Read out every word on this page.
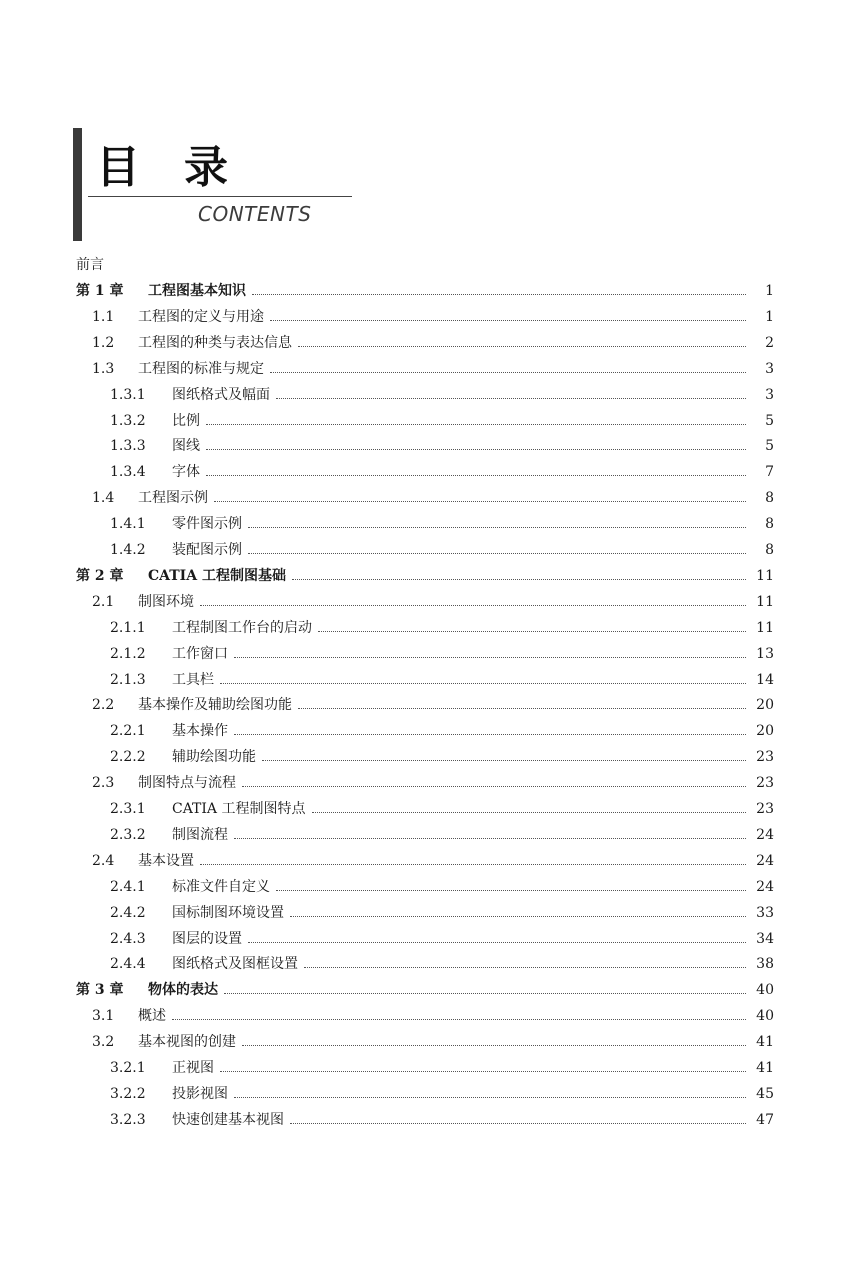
目录
CONTENTS
前言
第 1 章 工程图基本知识	1
1.1 工程图的定义与用途	1
1.2 工程图的种类与表达信息	2
1.3 工程图的标准与规定	3
1.3.1 图纸格式及幅面	3
1.3.2 比例	5
1.3.3 图线	5
1.3.4 字体	7
1.4 工程图示例	8
1.4.1 零件图示例	8
1.4.2 装配图示例	8
第 2 章 CATIA 工程制图基础	11
2.1 制图环境	11
2.1.1 工程制图工作台的启动	11
2.1.2 工作窗口	13
2.1.3 工具栏	14
2.2 基本操作及辅助绘图功能	20
2.2.1 基本操作	20
2.2.2 辅助绘图功能	23
2.3 制图特点与流程	23
2.3.1 CATIA 工程制图特点	23
2.3.2 制图流程	24
2.4 基本设置	24
2.4.1 标准文件自定义	24
2.4.2 国标制图环境设置	33
2.4.3 图层的设置	34
2.4.4 图纸格式及图框设置	38
第 3 章 物体的表达	40
3.1 概述	40
3.2 基本视图的创建	41
3.2.1 正视图	41
3.2.2 投影视图	45
3.2.3 快速创建基本视图	47
